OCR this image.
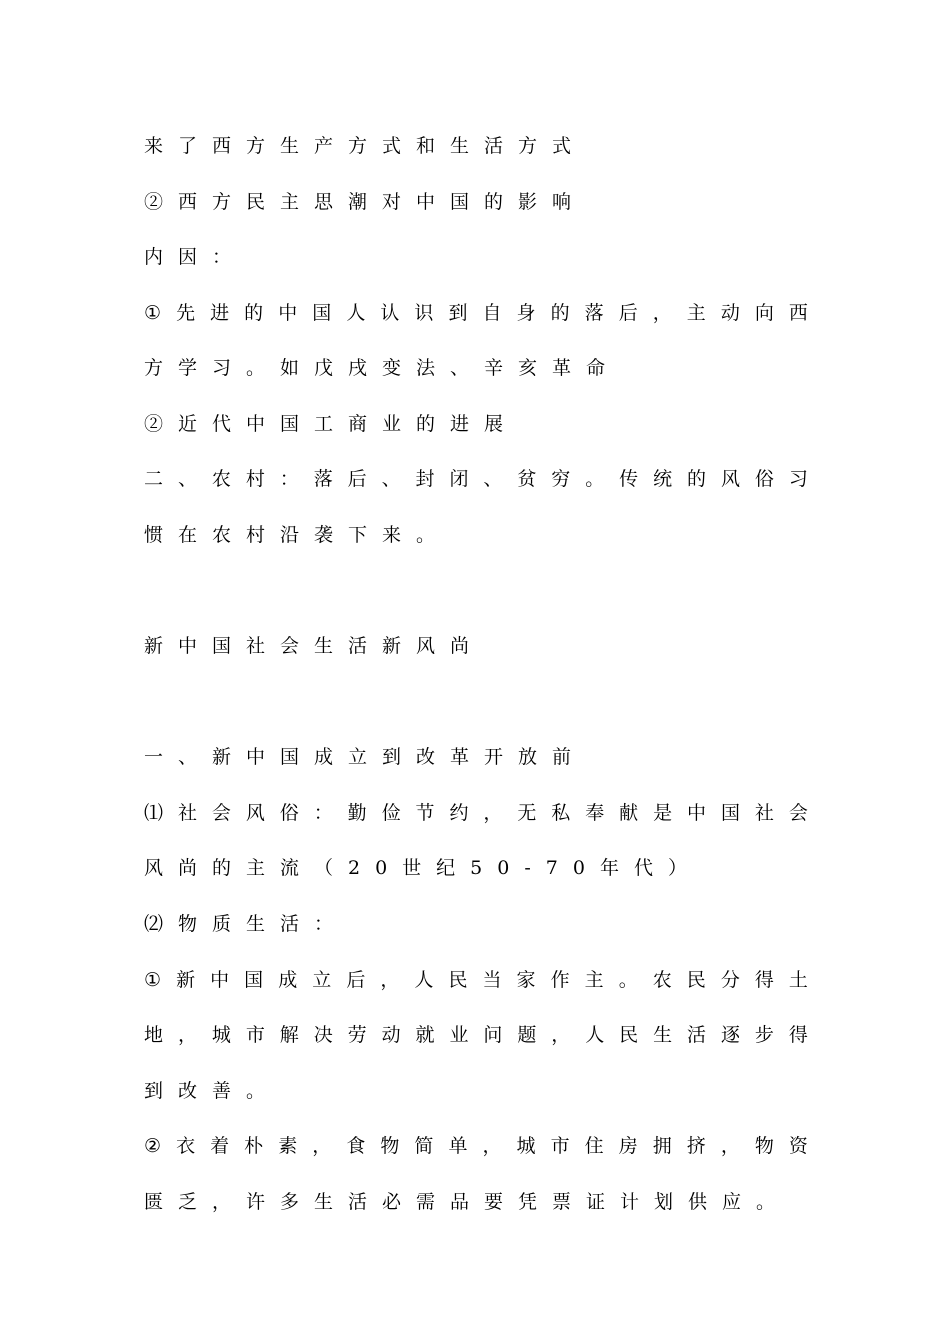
来了西方生产方式和生活方式
②西方民主思潮对中国的影响
内因：
① 先 进 的 中 国 人 认 识 到 自 身 的 落 后 ， 主 动 向 西
方学习。如戊戌变法、辛亥革命
②近代中国工商业的进展
二 、 农 村 ： 落 后 、 封 闭 、 贫 穷 。 传 统 的 风 俗 习
惯在农村沿袭下来。
新中国社会生活新风尚
一、新中国成立到改革开放前
⑴ 社 会 风 俗 ： 勤 俭 节 约 ， 无 私 奉 献 是 中 国 社 会
风尚的主流（20世纪50-70年代）
⑵物质生活：
① 新 中 国 成 立 后 ， 人 民 当 家 作 主 。 农 民 分 得 土
地 ， 城 市 解 决 劳 动 就 业 问 题 ， 人 民 生 活 逐 步 得
到改善。
② 衣 着 朴 素 ， 食 物 简 单 ， 城 市 住 房 拥 挤 ， 物 资
匮乏，许多生活必需品要凭票证计划供应。
